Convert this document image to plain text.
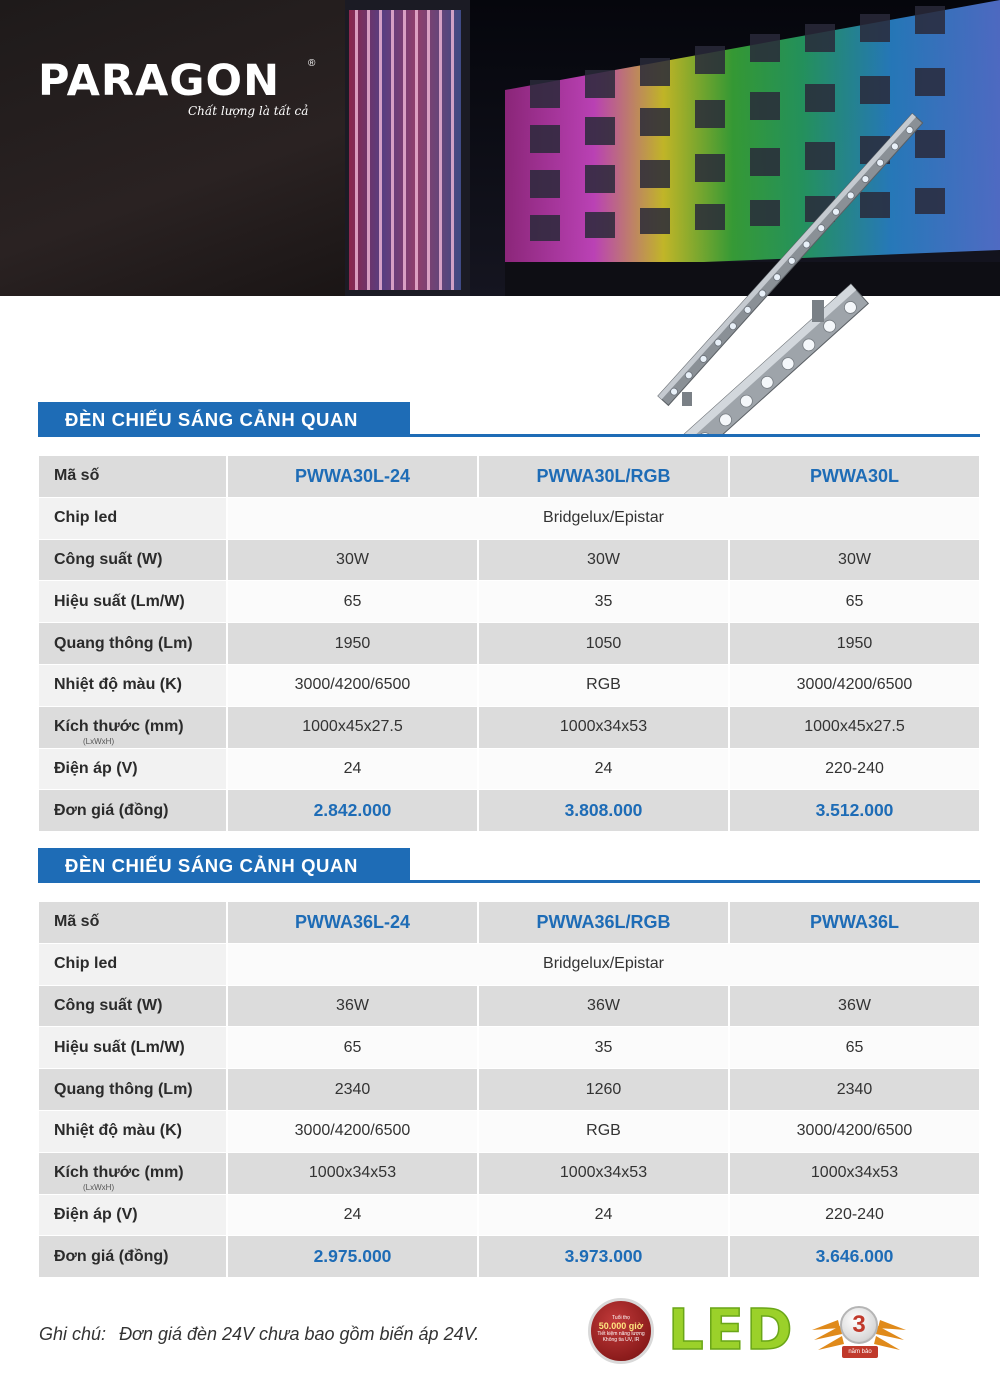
PARAGON	®
Chất lượng là tất cả
ĐÈN CHIẾU SÁNG CẢNH QUAN
Mã số	PWWA30L-24	PWWA30L/RGB	PWWA30L
Chip led	Bridgelux/Epistar		
Công suất (W)	30W	30W	30W
Hiệu suất (Lm/W)	65	35	65
Quang thông (Lm)	1950	1050	1950
Nhiệt độ màu (K)	3000/4200/6500	RGB	3000/4200/6500
Kích thước (mm)
(LxWxH)	1000x45x27.5	1000x34x53	1000x45x27.5
Điện áp (V)	24	24	220-240
Đơn giá (đồng)	2.842.000	3.808.000	3.512.000
ĐÈN CHIẾU SÁNG CẢNH QUAN
Mã số	PWWA36L-24	PWWA36L/RGB	PWWA36L
Chip led	Bridgelux/Epistar		
Công suất (W)	36W	36W	36W
Hiệu suất (Lm/W)	65	35	65
Quang thông (Lm)	2340	1260	2340
Nhiệt độ màu (K)	3000/4200/6500	RGB	3000/4200/6500
Kích thước (mm)
(LxWxH)	1000x34x53	1000x34x53	1000x34x53
Điện áp (V)	24	24	220-240
Đơn giá (đồng)	2.975.000	3.973.000	3.646.000
Ghi chú: Đơn giá đèn 24V chưa bao gồm biến áp 24V.
Tuổi thọ
50.000 giờ
Tiết kiệm năng lượng
Không tia UV, IR LED	3
năm bảo hành
